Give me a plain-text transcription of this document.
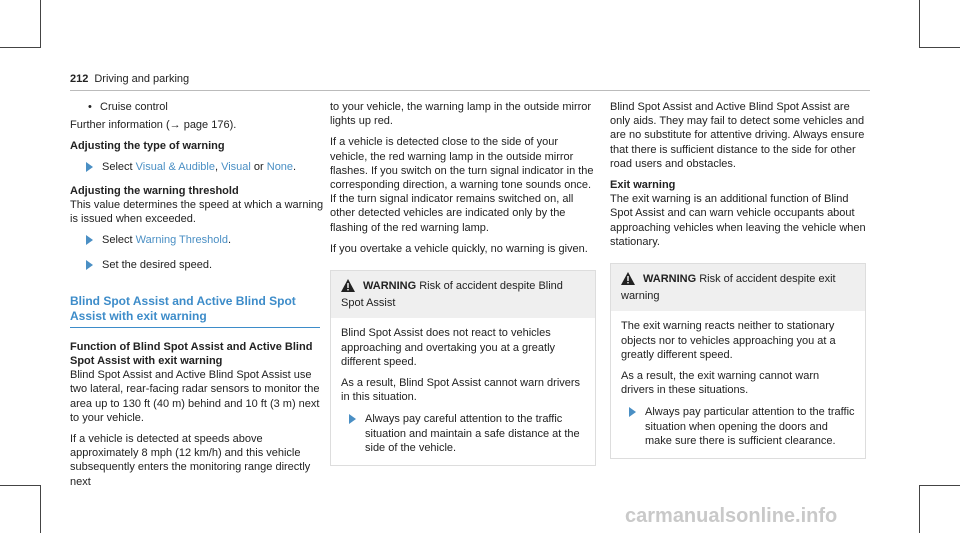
212 Driving and parking
• Cruise control

Further information (→ page 176).

Adjusting the type of warning

Select Visual & Audible, Visual or None.

Adjusting the warning threshold

This value determines the speed at which a warning is issued when exceeded.

Select Warning Threshold.
Set the desired speed.
Blind Spot Assist and Active Blind Spot Assist with exit warning

Function of Blind Spot Assist and Active Blind Spot Assist with exit warning

Blind Spot Assist and Active Blind Spot Assist use two lateral, rear-facing radar sensors to monitor the area up to 130 ft (40 m) behind and 10 ft (3 m) next to your vehicle.

If a vehicle is detected at speeds above approximately 8 mph (12 km/h) and this vehicle subsequently enters the monitoring range directly next

to your vehicle, the warning lamp in the outside mirror lights up red.

If a vehicle is detected close to the side of your vehicle, the red warning lamp in the outside mirror flashes. If you switch on the turn signal indicator in the corresponding direction, a warning tone sounds once. If the turn signal indicator remains switched on, all other detected vehicles are indicated only by the flashing of the red warning lamp.

If you overtake a vehicle quickly, no warning is given.

WARNING Risk of accident despite Blind Spot Assist

Blind Spot Assist does not react to vehicles approaching and overtaking you at a greatly different speed.

As a result, Blind Spot Assist cannot warn drivers in this situation.

Always pay careful attention to the traffic situation and maintain a safe distance at the side of the vehicle.

Blind Spot Assist and Active Blind Spot Assist are only aids. They may fail to detect some vehicles and are no substitute for attentive driving. Always ensure that there is sufficient distance to the side for other road users and obstacles.

Exit warning

The exit warning is an additional function of Blind Spot Assist and can warn vehicle occupants about approaching vehicles when leaving the vehicle when stationary.

WARNING Risk of accident despite exit warning

The exit warning reacts neither to stationary objects nor to vehicles approaching you at a greatly different speed.

As a result, the exit warning cannot warn drivers in these situations.

Always pay particular attention to the traffic situation when opening the doors and make sure there is sufficient clearance.
carmanualsonline.info
